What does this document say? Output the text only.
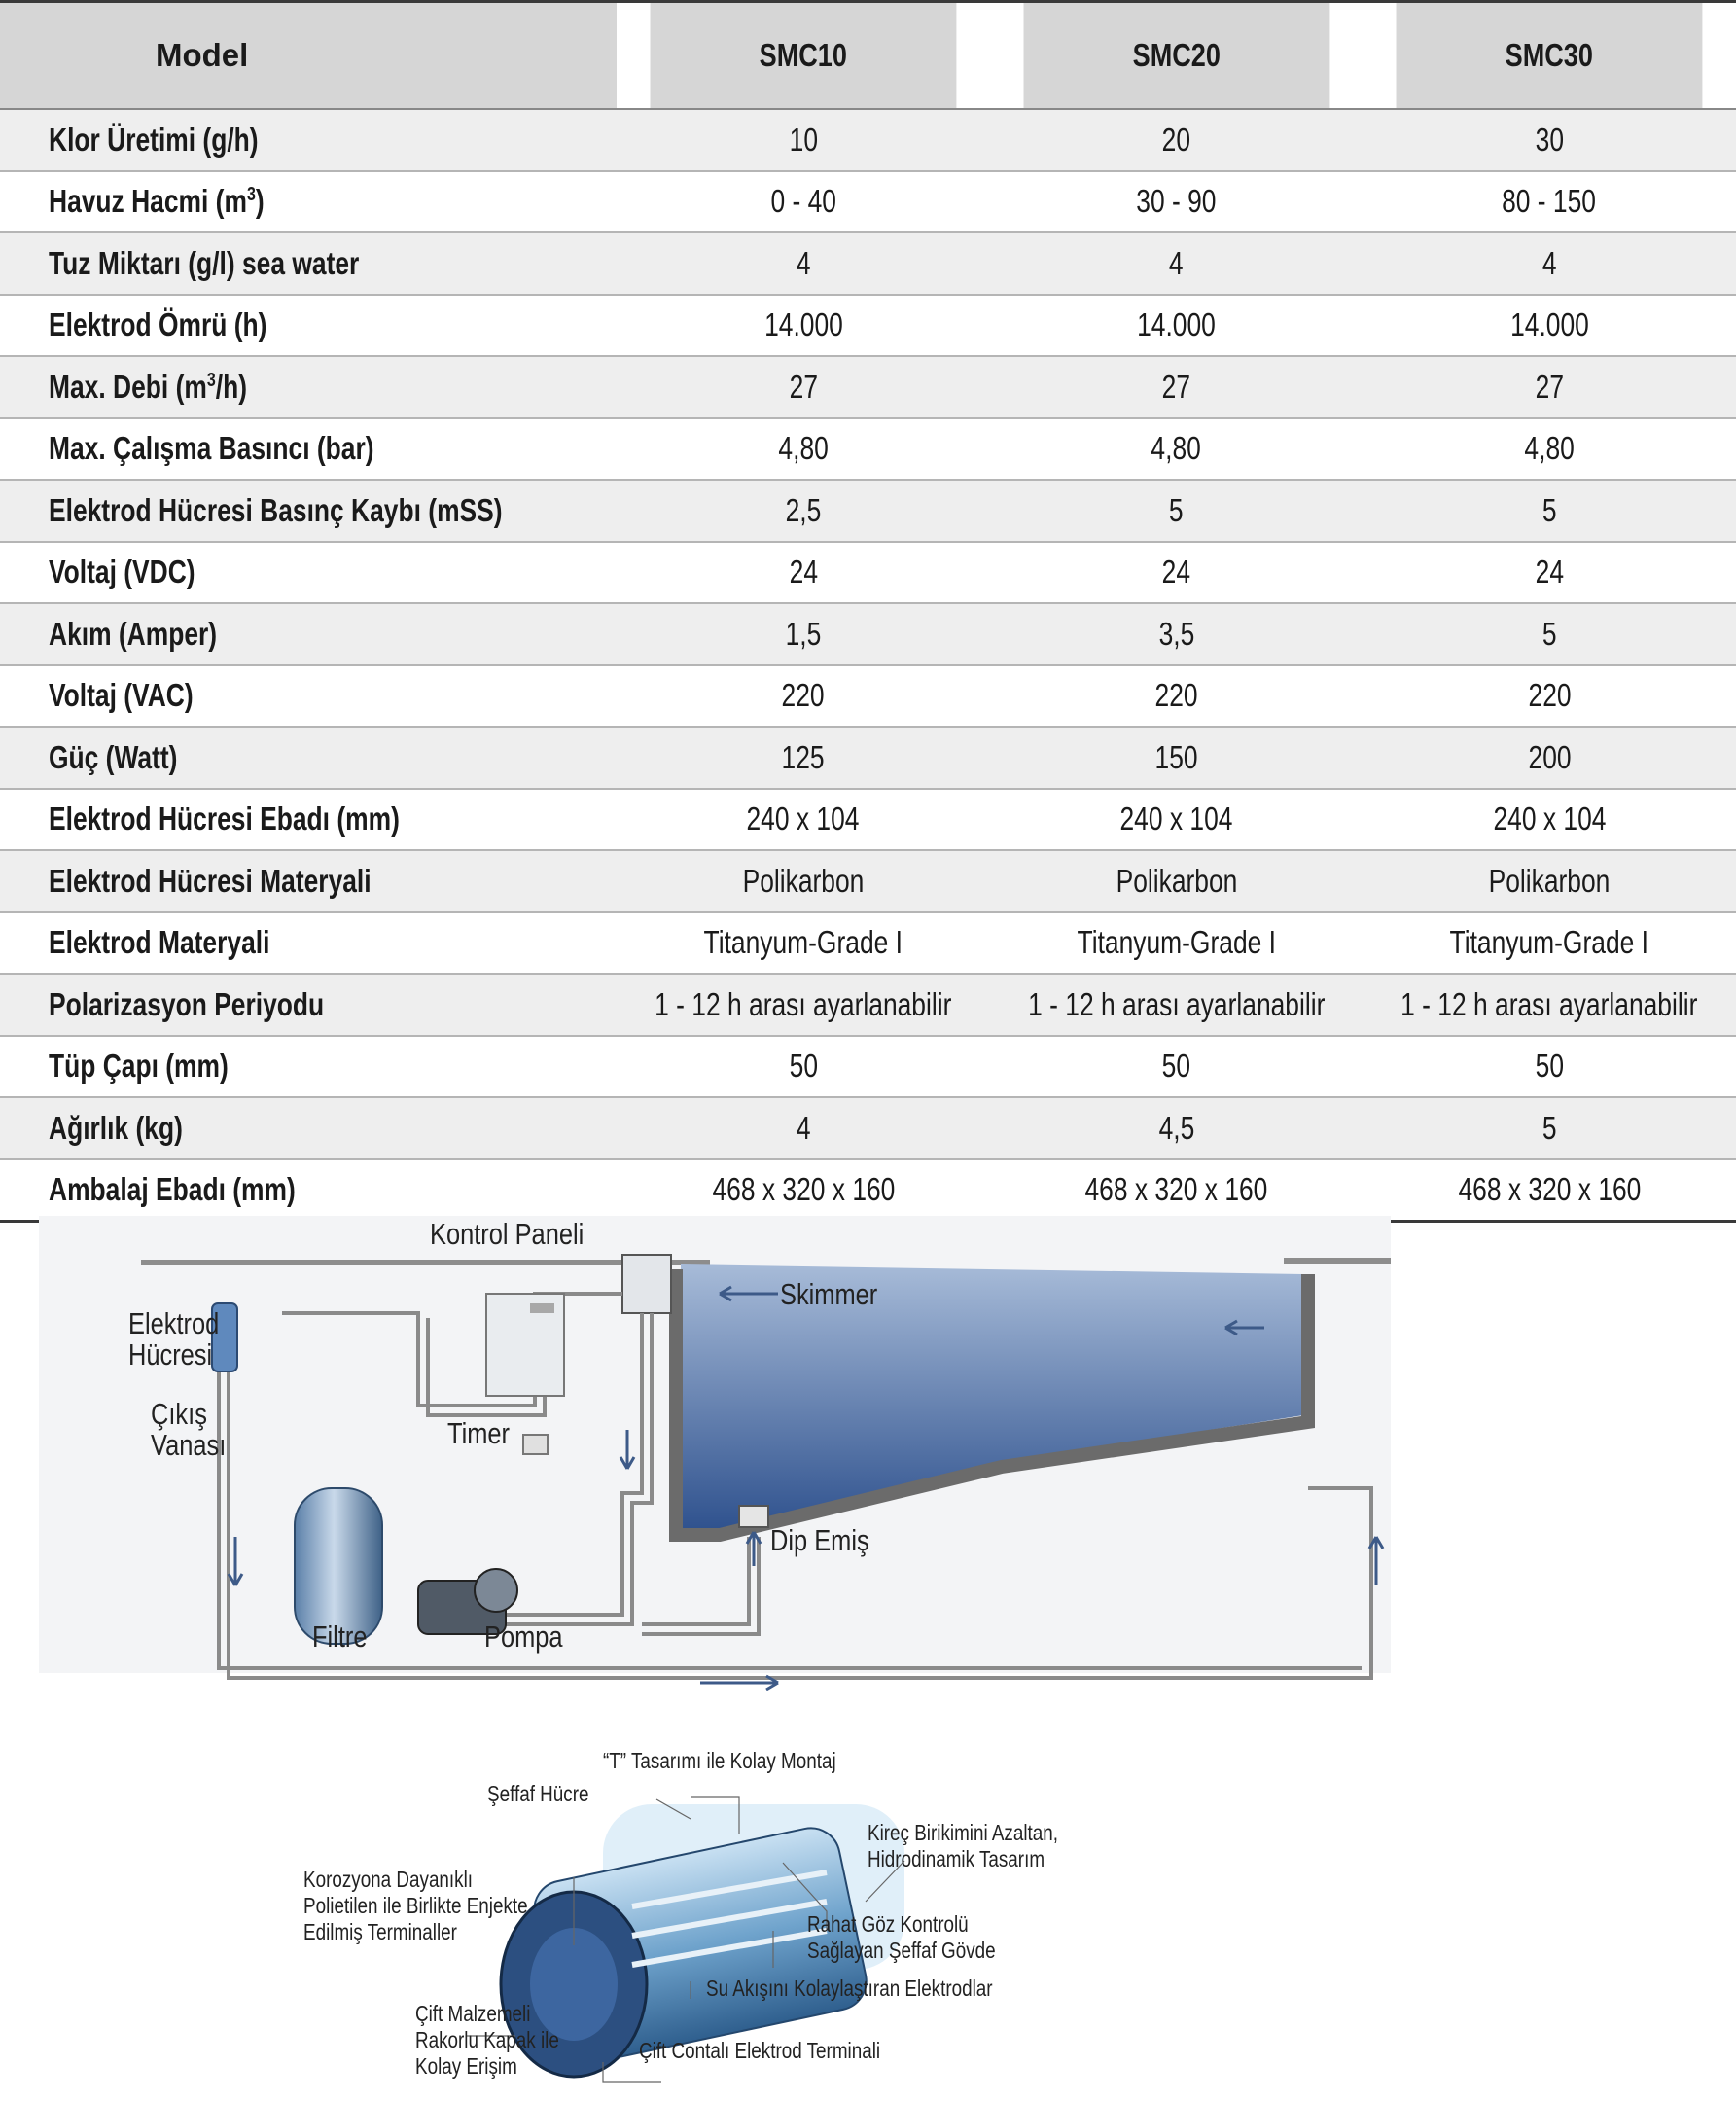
Model	SMC10	SMC20	SMC30
Klor Üretimi (g/h)	10	20	30
Havuz Hacmi $(m^3)$	0 - 40	30 - 90	80 - 150
Tuz Miktarı (g/l) sea water	4	4	4
Elektrod Ömrü (h)	14.000	14.000	14.000
Max. Debi $(m^3/h)$	27	27	27
Max. Çalışma Basıncı (bar)	4,80	4,80	4,80
Elektrod Hücresi Basınç Kaybı (mSS)	2,5	5	5
Voltaj (VDC)	24	24	24
Akım (Amper)	1,5	3,5	5
Voltaj (VAC)	220	220	220
Güç (Watt)	125	150	200
Elektrod Hücresi Ebadı (mm)	240 x 104	240 x 104	240 x 104
Elektrod Hücresi Materyali	Polikarbon	Polikarbon	Polikarbon
Elektrod Materyali	Titanyum-Grade I	Titanyum-Grade I	Titanyum-Grade I
Polarizasyon Periyodu	1 - 12 h arası ayarlanabilir	1 - 12 h arası ayarlanabilir	1 - 12 h arası ayarlanabilir
Tüp Çapı (mm)	50	50	50
Ağırlık (kg)	4	4,5	5
Ambalaj Ebadı (mm)	468 x 320 x 160	468 x 320 x 160	468 x 320 x 160
Kontrol Paneli
Skimmer
Elektrod
Hücresi
Çıkış
Vanası	Timer
Dip Emiş
Filtre	Pompa
“T” Tasarımı ile Kolay Montaj
Şeffaf Hücre
Kireç Birikimini Azaltan,
Hidrodinamik Tasarım
Korozyona Dayanıklı
Polietilen ile Birlikte Enjekte
Edilmiş Terminaller	Rahat Göz Kontrolü
Sağlayan Şeffaf Gövde
Su Akışını Kolaylaştıran Elektrodlar
Çift Malzemeli
Rakorlu Kapak ile
Kolay Erişim
Çift Contalı Elektrod Terminali
